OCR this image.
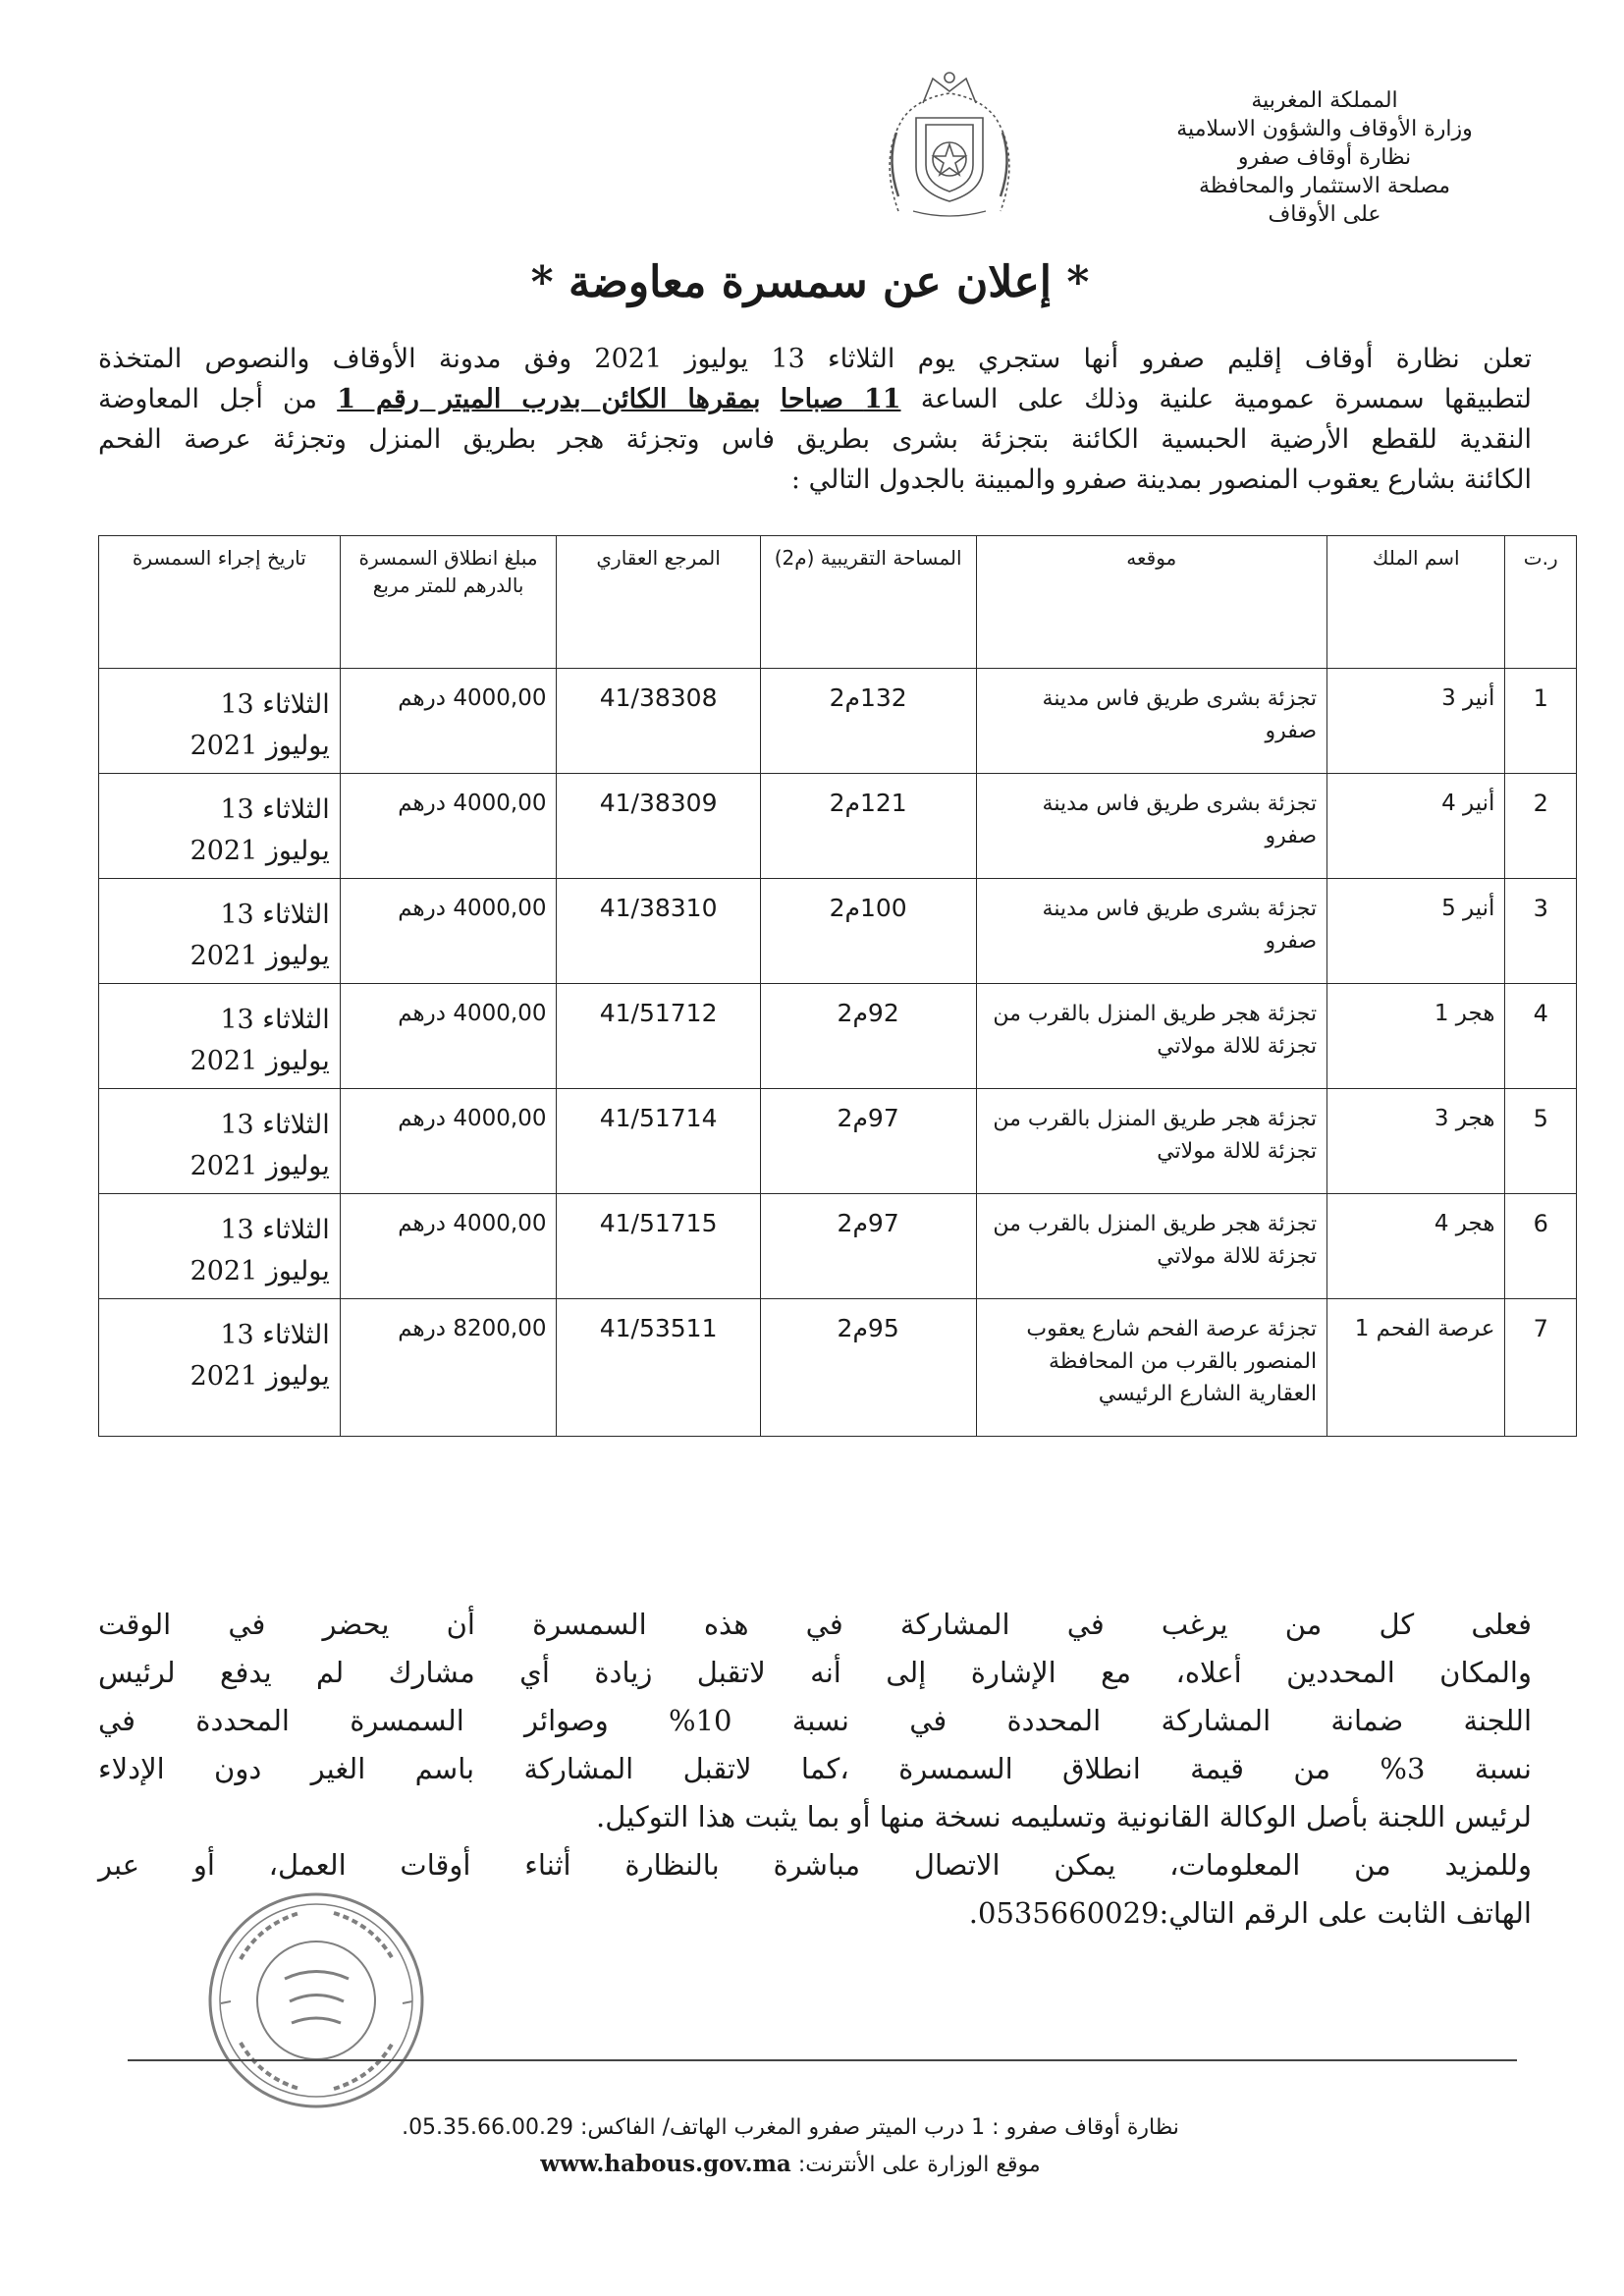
المملكة المغربية
وزارة الأوقاف والشؤون الاسلامية
نظارة أوقاف صفرو
مصلحة الاستثمار والمحافظة
على الأوقاف
* إعلان عن سمسرة معاوضة *
تعلن نظارة أوقاف إقليم صفرو أنها ستجري يوم الثلاثاء 13 يوليوز 2021 وفق مدونة الأوقاف والنصوص المتخذة
لتطبيقها سمسرة عمومية علنية وذلك على الساعة 11 صباحا بمقرها الكائن بدرب الميتر رقم 1 من أجل المعاوضة
النقدية للقطع الأرضية الحبسية الكائنة بتجزئة بشرى بطريق فاس وتجزئة هجر بطريق المنزل وتجزئة عرصة الفحم
الكائنة بشارع يعقوب المنصور بمدينة صفرو والمبينة بالجدول التالي :
ر.ت	اسم الملك	موقعه	المساحة التقريبية (م2)	المرجع العقاري	مبلغ انطلاق السمسرة بالدرهم للمتر مربع	تاريخ إجراء السمسرة
1	أنير 3	تجزئة بشرى طريق فاس مدينة صفرو	132م2	41/38308	4000,00 درهم	الثلاثاء 13
يوليوز 2021
2	أنير 4	تجزئة بشرى طريق فاس مدينة صفرو	121م2	41/38309	4000,00 درهم	الثلاثاء 13
يوليوز 2021
3	أنير 5	تجزئة بشرى طريق فاس مدينة صفرو	100م2	41/38310	4000,00 درهم	الثلاثاء 13
يوليوز 2021
4	هجر 1	تجزئة هجر طريق المنزل بالقرب من تجزئة للالة مولاتي	92م2	41/51712	4000,00 درهم	الثلاثاء 13
يوليوز 2021
5	هجر 3	تجزئة هجر طريق المنزل بالقرب من تجزئة للالة مولاتي	97م2	41/51714	4000,00 درهم	الثلاثاء 13
يوليوز 2021
6	هجر 4	تجزئة هجر طريق المنزل بالقرب من تجزئة للالة مولاتي	97م2	41/51715	4000,00 درهم	الثلاثاء 13
يوليوز 2021
7	عرصة الفحم 1	تجزئة عرصة الفحم شارع يعقوب المنصور بالقرب من المحافظة العقارية الشارع الرئيسي	95م2	41/53511	8200,00 درهم	الثلاثاء 13
يوليوز 2021
فعلى كل من يرغب في المشاركة في هذه السمسرة أن يحضر في الوقت
والمكان المحددين أعلاه، مع الإشارة إلى أنه لاتقبل زيادة أي مشارك لم يدفع لرئيس
اللجنة ضمانة المشاركة المحددة في نسبة 10% وصوائر السمسرة المحددة في
نسبة 3% من قيمة انطلاق السمسرة ،كما لاتقبل المشاركة باسم الغير دون الإدلاء
لرئيس اللجنة بأصل الوكالة القانونية وتسليمه نسخة منها أو بما يثبت هذا التوكيل.
وللمزيد من المعلومات، يمكن الاتصال مباشرة بالنظارة أثناء أوقات العمل، أو عبر
الهاتف الثابت على الرقم التالي:0535660029.
نظارة أوقاف صفرو : 1 درب الميتر صفرو المغرب الهاتف/ الفاكس: 05.35.66.00.29.
موقع الوزارة على الأنترنت: www.habous.gov.ma
